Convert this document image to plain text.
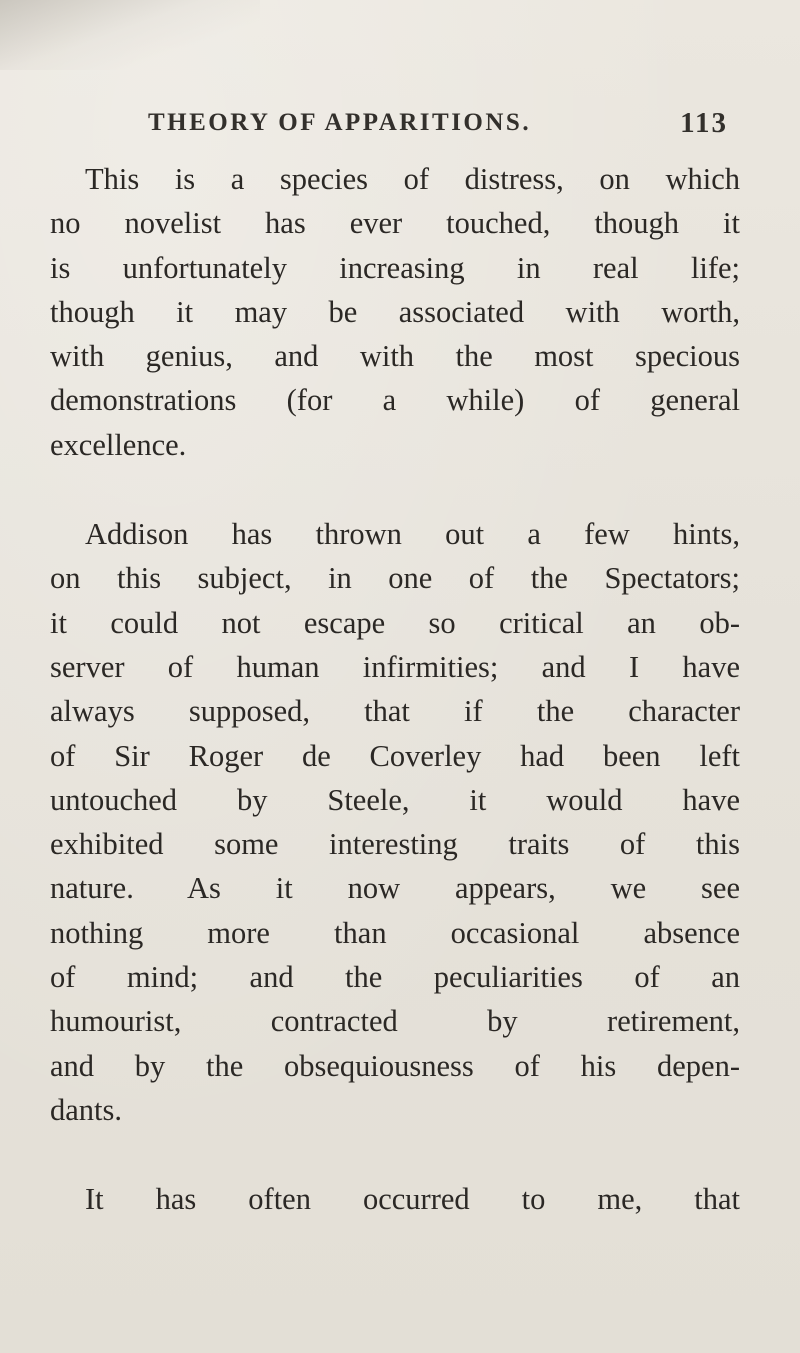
THEORY OF APPARITIONS.	113
This is a species of distress, on which
no novelist has ever touched, though it
is unfortunately increasing in real life;
though it may be associated with worth,
with genius, and with the most specious
demonstrations (for a while) of general
excellence.
Addison has thrown out a few hints,
on this subject, in one of the Spectators;
it could not escape so critical an ob-
server of human infirmities; and I have
always supposed, that if the character
of Sir Roger de Coverley had been left
untouched by Steele, it would have
exhibited some interesting traits of this
nature. As it now appears, we see
nothing more than occasional absence
of mind; and the peculiarities of an
humourist, contracted by retirement,
and by the obsequiousness of his depen-
dants.
It has often occurred to me, that
